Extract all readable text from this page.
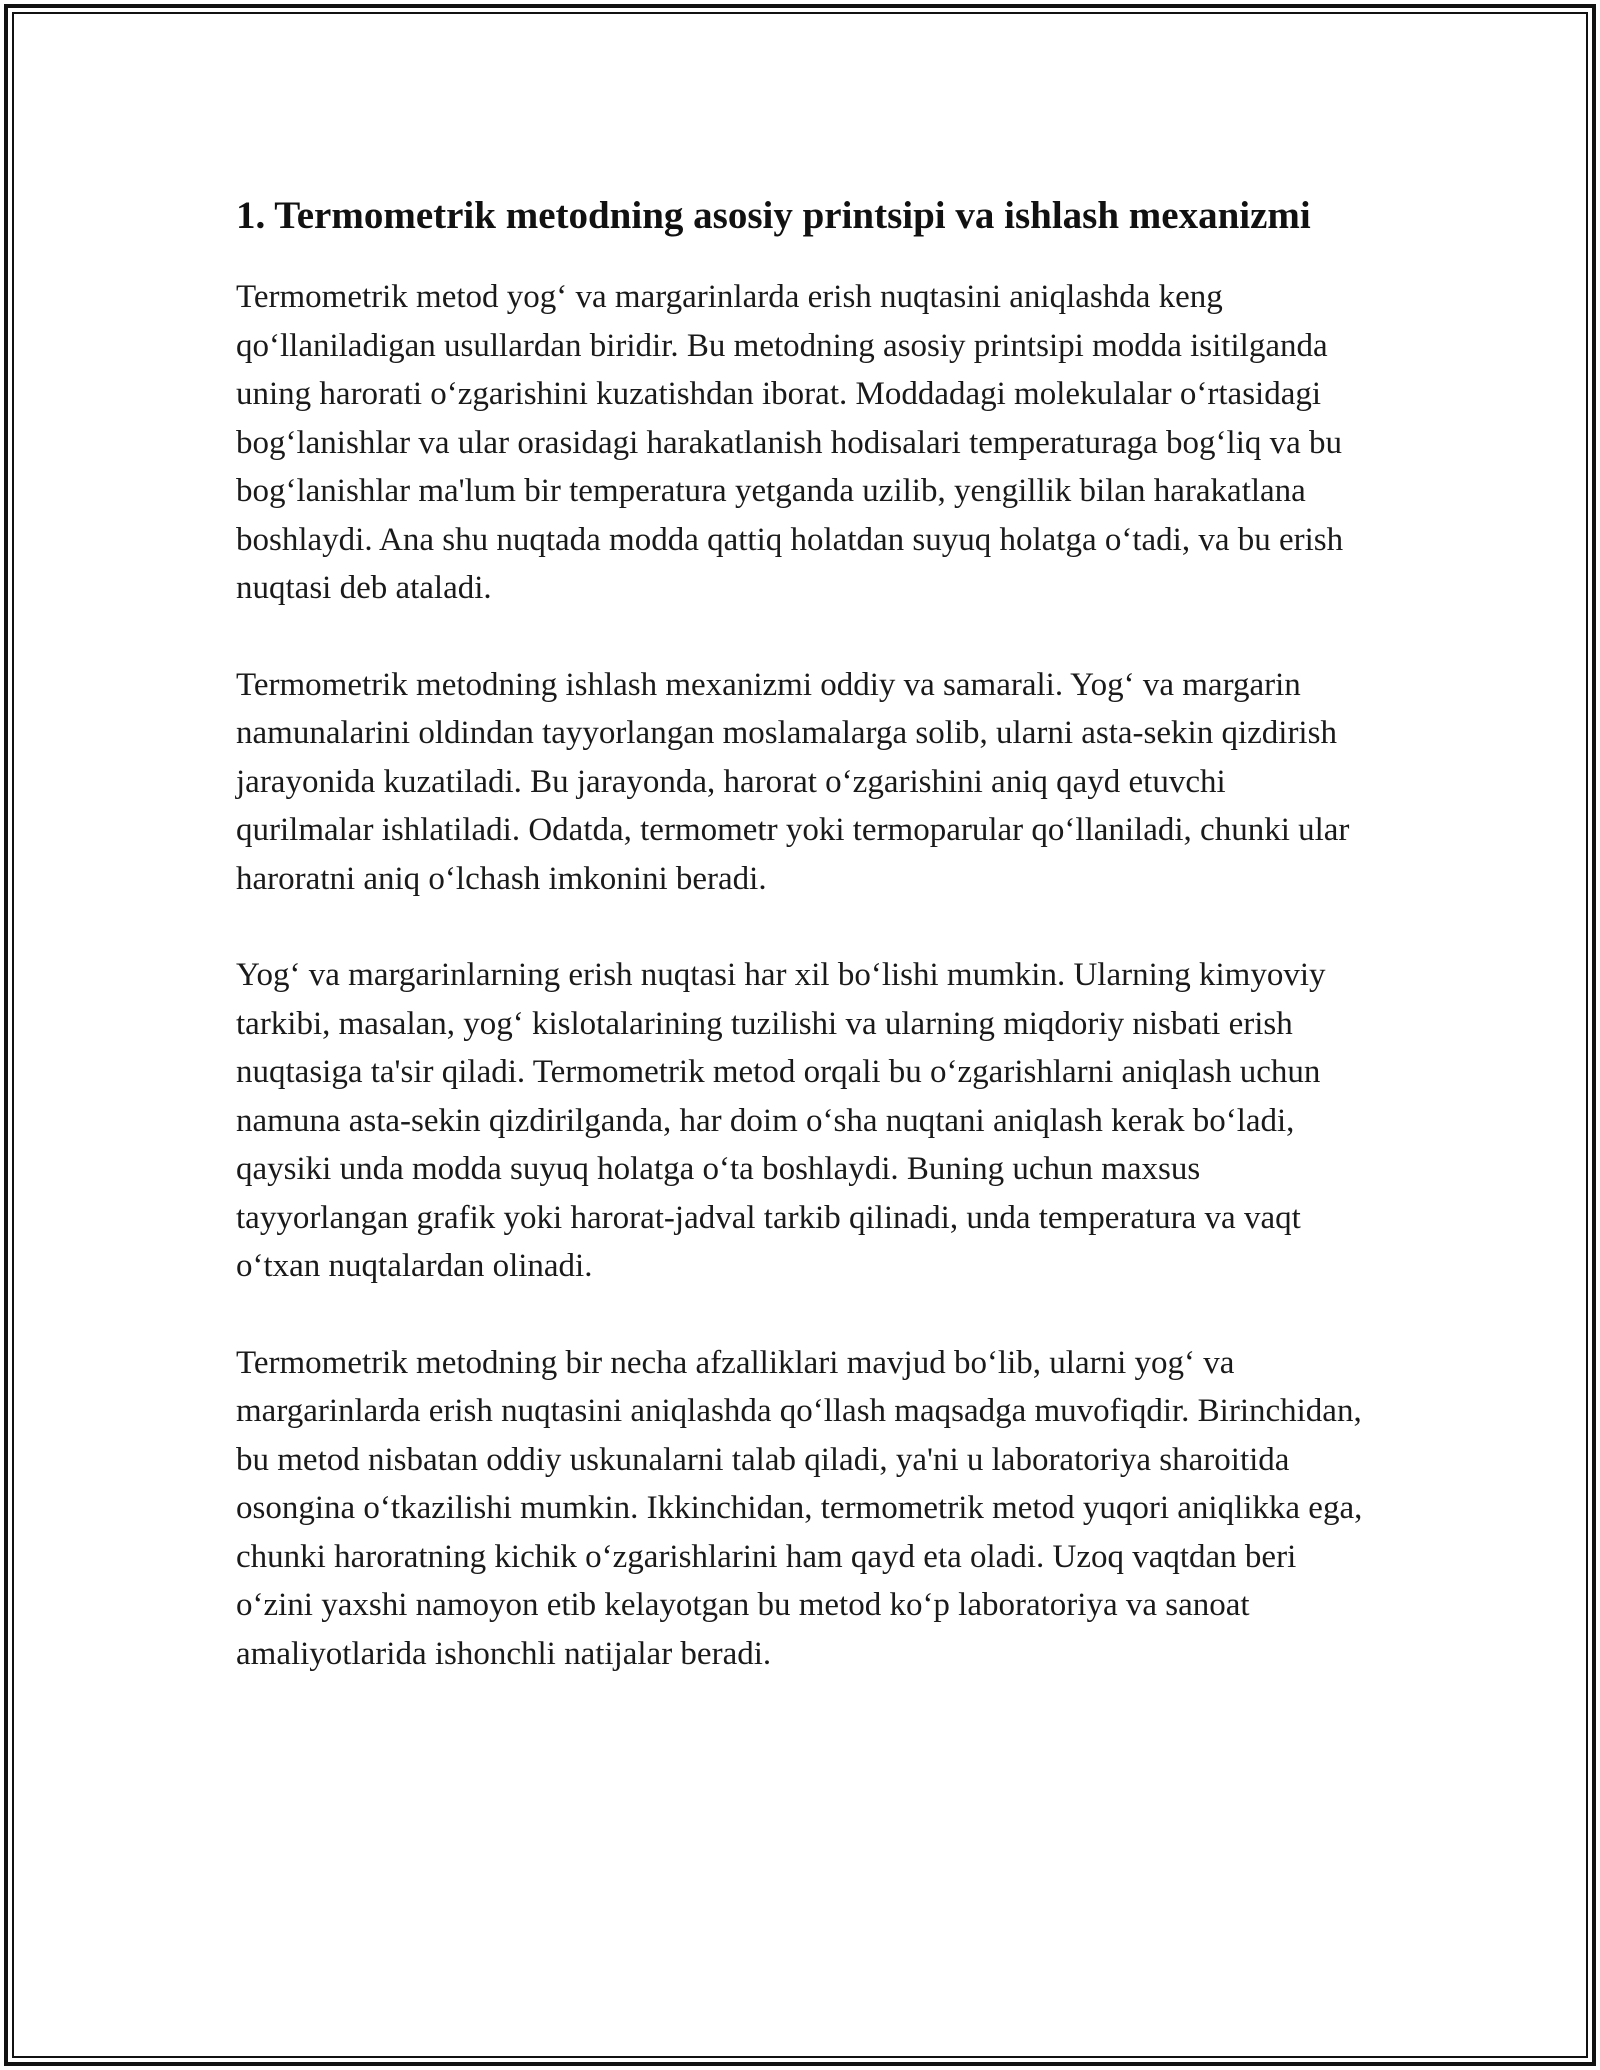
1. Termometrik metodning asosiy printsipi va ishlash mexanizmi

Termometrik metod yog‘ va margarinlarda erish nuqtasini aniqlashda keng qo‘llaniladigan usullardan biridir. Bu metodning asosiy printsipi modda isitilganda uning harorati o‘zgarishini kuzatishdan iborat. Moddadagi molekulalar o‘rtasidagi bog‘lanishlar va ular orasidagi harakatlanish hodisalari temperaturaga bog‘liq va bu bog‘lanishlar ma'lum bir temperatura yetganda uzilib, yengillik bilan harakatlana boshlaydi. Ana shu nuqtada modda qattiq holatdan suyuq holatga o‘tadi, va bu erish nuqtasi deb ataladi.

Termometrik metodning ishlash mexanizmi oddiy va samarali. Yog‘ va margarin namunalarini oldindan tayyorlangan moslamalarga solib, ularni asta-sekin qizdirish jarayonida kuzatiladi. Bu jarayonda, harorat o‘zgarishini aniq qayd etuvchi qurilmalar ishlatiladi. Odatda, termometr yoki termoparular qo‘llaniladi, chunki ular haroratni aniq o‘lchash imkonini beradi.

Yog‘ va margarinlarning erish nuqtasi har xil bo‘lishi mumkin. Ularning kimyoviy tarkibi, masalan, yog‘ kislotalarining tuzilishi va ularning miqdoriy nisbati erish nuqtasiga ta'sir qiladi. Termometrik metod orqali bu o‘zgarishlarni aniqlash uchun namuna asta-sekin qizdirilganda, har doim o‘sha nuqtani aniqlash kerak bo‘ladi, qaysiki unda modda suyuq holatga o‘ta boshlaydi. Buning uchun maxsus tayyorlangan grafik yoki harorat-jadval tarkib qilinadi, unda temperatura va vaqt o‘txan nuqtalardan olinadi.

Termometrik metodning bir necha afzalliklari mavjud bo‘lib, ularni yog‘ va margarinlarda erish nuqtasini aniqlashda qo‘llash maqsadga muvofiqdir. Birinchidan, bu metod nisbatan oddiy uskunalarni talab qiladi, ya'ni u laboratoriya sharoitida osongina o‘tkazilishi mumkin. Ikkinchidan, termometrik metod yuqori aniqlikka ega, chunki haroratning kichik o‘zgarishlarini ham qayd eta oladi. Uzoq vaqtdan beri o‘zini yaxshi namoyon etib kelayotgan bu metod ko‘p laboratoriya va sanoat amaliyotlarida ishonchli natijalar beradi.
